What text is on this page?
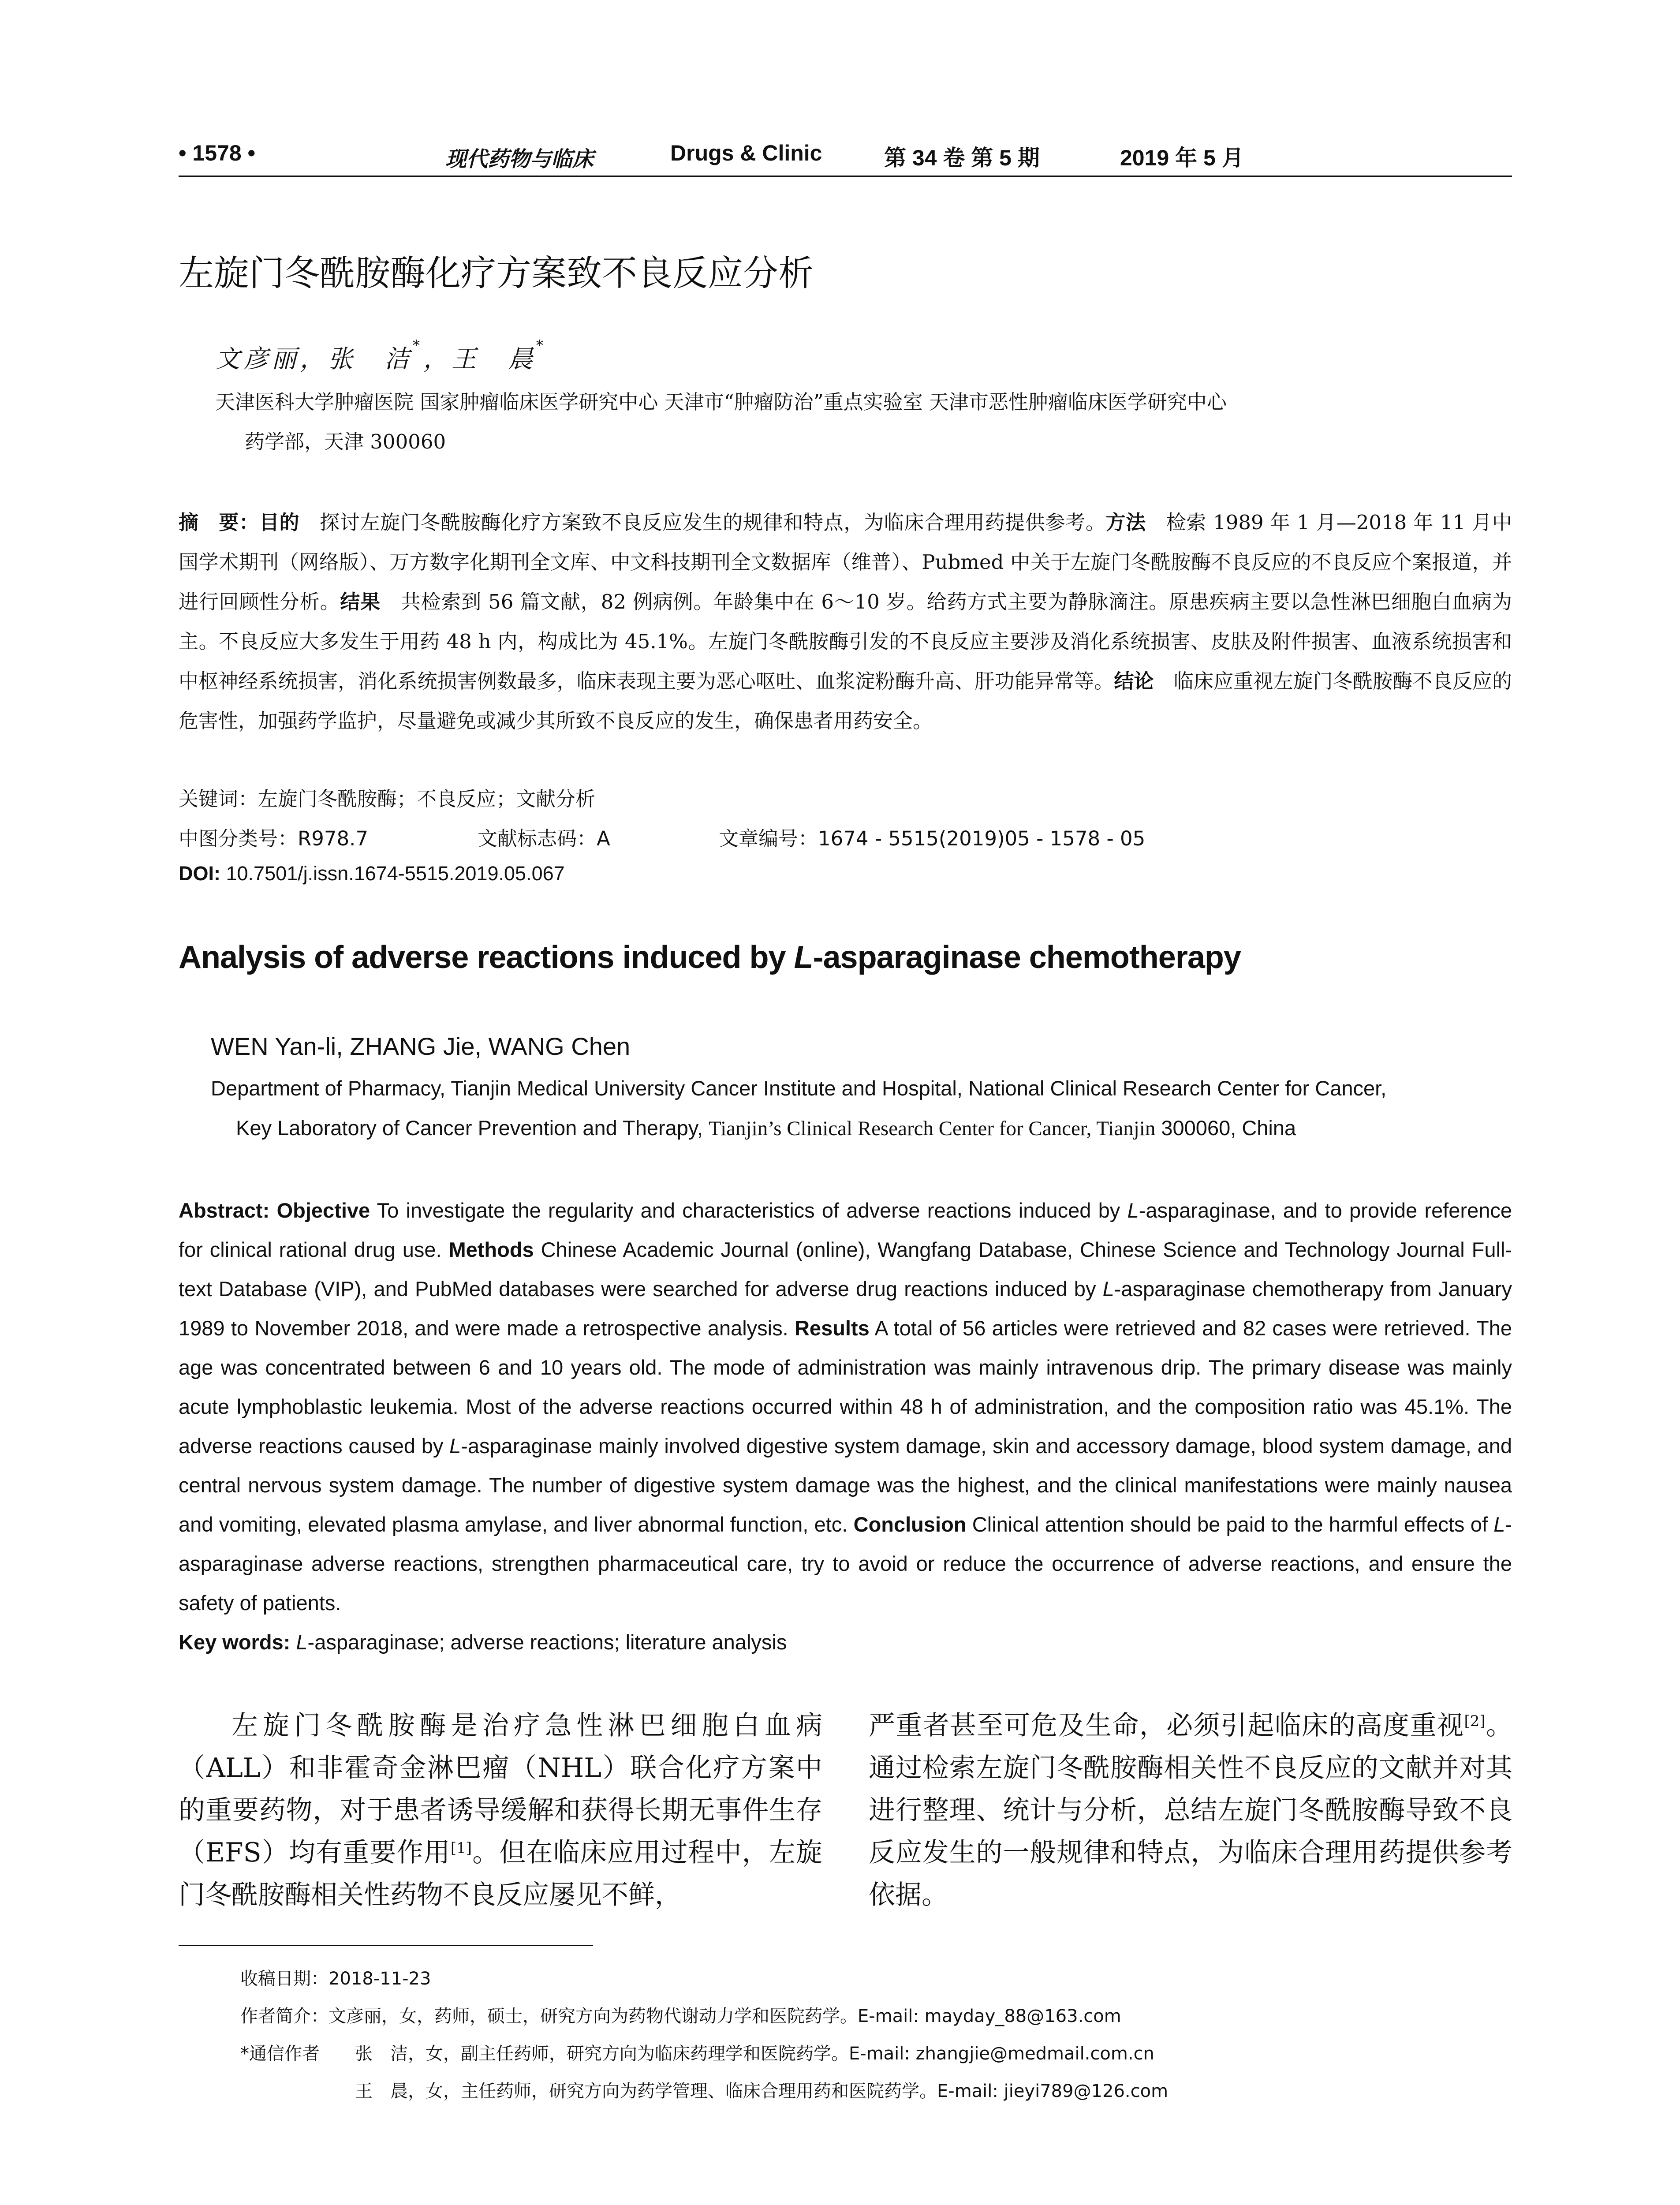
• 1578 •	现代药物与临床	Drugs & Clinic	第 34 卷 第 5 期	2019 年 5 月
左旋门冬酰胺酶化疗方案致不良反应分析
文彦丽，张　洁*，王　晨*
天津医科大学肿瘤医院 国家肿瘤临床医学研究中心 天津市“肿瘤防治”重点实验室 天津市恶性肿瘤临床医学研究中心
药学部，天津 300060
摘　要：目的　探讨左旋门冬酰胺酶化疗方案致不良反应发生的规律和特点，为临床合理用药提供参考。方法　检索 1989 年 1 月—2018 年 11 月中国学术期刊（网络版）、万方数字化期刊全文库、中文科技期刊全文数据库（维普）、Pubmed 中关于左旋门冬酰胺酶不良反应的不良反应个案报道，并进行回顾性分析。结果　共检索到 56 篇文献，82 例病例。年龄集中在 6～10 岁。给药方式主要为静脉滴注。原患疾病主要以急性淋巴细胞白血病为主。不良反应大多发生于用药 48 h 内，构成比为 45.1%。左旋门冬酰胺酶引发的不良反应主要涉及消化系统损害、皮肤及附件损害、血液系统损害和中枢神经系统损害，消化系统损害例数最多，临床表现主要为恶心呕吐、血浆淀粉酶升高、肝功能异常等。结论　临床应重视左旋门冬酰胺酶不良反应的危害性，加强药学监护，尽量避免或减少其所致不良反应的发生，确保患者用药安全。
关键词：左旋门冬酰胺酶；不良反应；文献分析
中图分类号：R978.7	文献标志码：A	文章编号：1674 - 5515(2019)05 - 1578 - 05
DOI: 10.7501/j.issn.1674-5515.2019.05.067
Analysis of adverse reactions induced by L-asparaginase chemotherapy
WEN Yan-li, ZHANG Jie, WANG Chen
Department of Pharmacy, Tianjin Medical University Cancer Institute and Hospital, National Clinical Research Center for Cancer,
Key Laboratory of Cancer Prevention and Therapy, Tianjin’s Clinical Research Center for Cancer, Tianjin 300060, China
Abstract: Objective To investigate the regularity and characteristics of adverse reactions induced by L-asparaginase, and to provide reference for clinical rational drug use. Methods Chinese Academic Journal (online), Wangfang Database, Chinese Science and Technology Journal Full-text Database (VIP), and PubMed databases were searched for adverse drug reactions induced by L-asparaginase chemotherapy from January 1989 to November 2018, and were made a retrospective analysis. Results A total of 56 articles were retrieved and 82 cases were retrieved. The age was concentrated between 6 and 10 years old. The mode of administration was mainly intravenous drip. The primary disease was mainly acute lymphoblastic leukemia. Most of the adverse reactions occurred within 48 h of administration, and the composition ratio was 45.1%. The adverse reactions caused by L-asparaginase mainly involved digestive system damage, skin and accessory damage, blood system damage, and central nervous system damage. The number of digestive system damage was the highest, and the clinical manifestations were mainly nausea and vomiting, elevated plasma amylase, and liver abnormal function, etc. Conclusion Clinical attention should be paid to the harmful effects of L-asparaginase adverse reactions, strengthen pharmaceutical care, try to avoid or reduce the occurrence of adverse reactions, and ensure the safety of patients.
Key words: L-asparaginase; adverse reactions; literature analysis
左旋门冬酰胺酶是治疗急性淋巴细胞白血病（ALL）和非霍奇金淋巴瘤（NHL）联合化疗方案中的重要药物，对于患者诱导缓解和获得长期无事件生存（EFS）均有重要作用[1]。但在临床应用过程中，左旋门冬酰胺酶相关性药物不良反应屡见不鲜，
严重者甚至可危及生命，必须引起临床的高度重视[2]。通过检索左旋门冬酰胺酶相关性不良反应的文献并对其进行整理、统计与分析，总结左旋门冬酰胺酶导致不良反应发生的一般规律和特点，为临床合理用药提供参考依据。
收稿日期：2018-11-23
作者简介：文彦丽，女，药师，硕士，研究方向为药物代谢动力学和医院药学。E-mail: mayday_88@163.com
*通信作者 张　洁，女，副主任药师，研究方向为临床药理学和医院药学。E-mail: zhangjie@medmail.com.cn
王　晨，女，主任药师，研究方向为药学管理、临床合理用药和医院药学。E-mail: jieyi789@126.com
